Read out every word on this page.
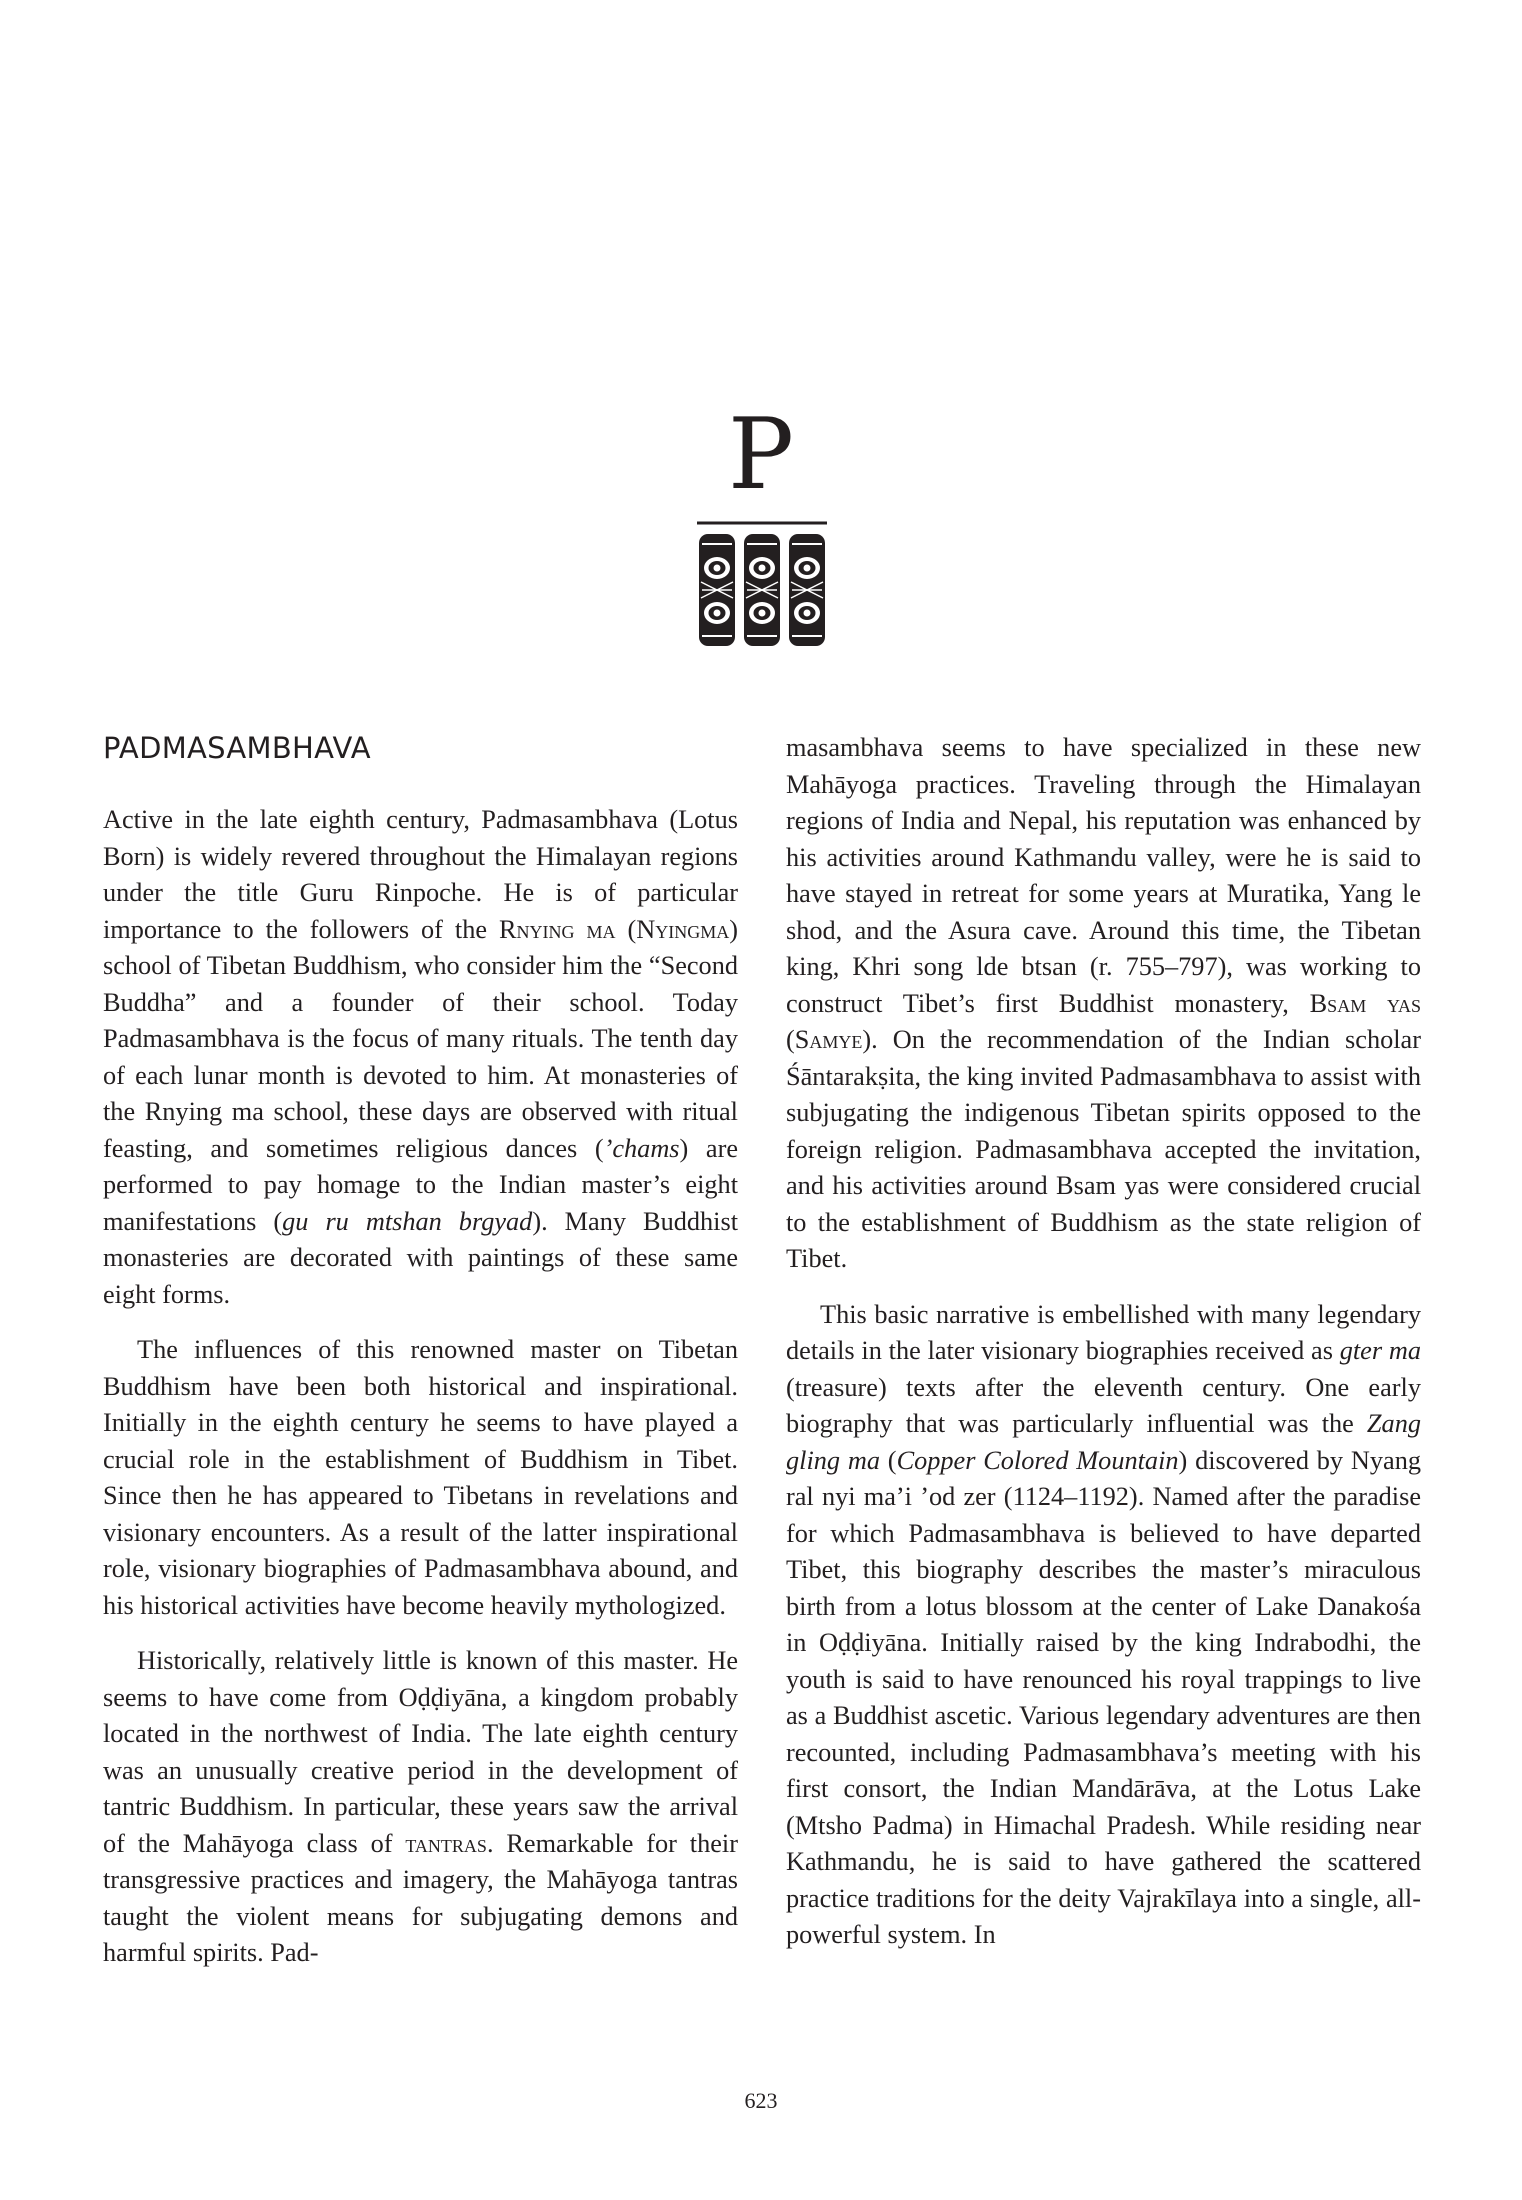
P
PADMASAMBHAVA

Active in the late eighth century, Padmasambhava (Lotus Born) is widely revered throughout the Himalayan regions under the title Guru Rinpoche. He is of particular importance to the followers of the Rnying ma (Nyingma) school of Tibetan Buddhism, who consider him the “Second Buddha” and a founder of their school. Today Padmasambhava is the focus of many rituals. The tenth day of each lunar month is devoted to him. At monasteries of the Rnying ma school, these days are observed with ritual feasting, and sometimes religious dances (’chams) are performed to pay homage to the Indian master’s eight manifestations (gu ru mtshan brgyad). Many Buddhist monasteries are decorated with paintings of these same eight forms.

The influences of this renowned master on Tibetan Buddhism have been both historical and inspirational. Initially in the eighth century he seems to have played a crucial role in the establishment of Buddhism in Tibet. Since then he has appeared to Tibetans in revelations and visionary encounters. As a result of the latter inspirational role, visionary biographies of Padmasambhava abound, and his historical activities have become heavily mythologized.

Historically, relatively little is known of this master. He seems to have come from Oḍḍiyāna, a kingdom probably located in the northwest of India. The late eighth century was an unusually creative period in the development of tantric Buddhism. In particular, these years saw the arrival of the Mahāyoga class of tantras. Remarkable for their transgressive practices and imagery, the Mahāyoga tantras taught the violent means for subjugating demons and harmful spirits. Pad-

masambhava seems to have specialized in these new Mahāyoga practices. Traveling through the Himalayan regions of India and Nepal, his reputation was enhanced by his activities around Kathmandu valley, were he is said to have stayed in retreat for some years at Muratika, Yang le shod, and the Asura cave. Around this time, the Tibetan king, Khri song lde btsan (r. 755–797), was working to construct Tibet’s first Buddhist monastery, Bsam yas (Samye). On the recommendation of the Indian scholar Śāntarakṣita, the king invited Padmasambhava to assist with subjugating the indigenous Tibetan spirits opposed to the foreign religion. Padmasambhava accepted the invitation, and his activities around Bsam yas were considered crucial to the establishment of Buddhism as the state religion of Tibet.

This basic narrative is embellished with many legendary details in the later visionary biographies received as gter ma (treasure) texts after the eleventh century. One early biography that was particularly influential was the Zang gling ma (Copper Colored Mountain) discovered by Nyang ral nyi ma’i ’od zer (1124–1192). Named after the paradise for which Padmasambhava is believed to have departed Tibet, this biography describes the master’s miraculous birth from a lotus blossom at the center of Lake Danakośa in Oḍḍiyāna. Initially raised by the king Indrabodhi, the youth is said to have renounced his royal trappings to live as a Buddhist ascetic. Various legendary adventures are then recounted, including Padmasambhava’s meeting with his first consort, the Indian Mandārāva, at the Lotus Lake (Mtsho Padma) in Himachal Pradesh. While residing near Kathmandu, he is said to have gathered the scattered practice traditions for the deity Vajrakīlaya into a single, all-powerful system. In

623
